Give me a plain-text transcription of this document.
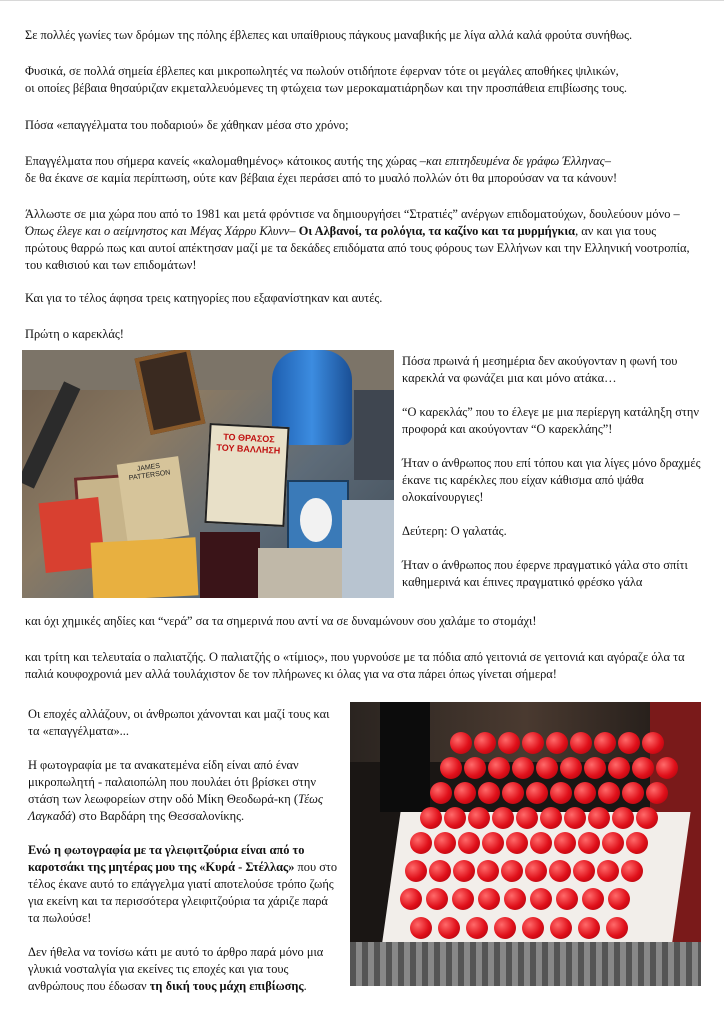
Σε πολλές γωνίες των δρόμων της πόλης έβλεπες και υπαίθριους πάγκους μαναβικής με λίγα αλλά καλά φρούτα συνήθως.

Φυσικά, σε πολλά σημεία έβλεπες και μικροπωλητές να πωλούν οτιδήποτε έφερναν τότε οι μεγάλες αποθήκες ψιλικών,
οι οποίες βέβαια θησαύριζαν εκμεταλλευόμενες τη φτώχεια των μεροκαματιάρηδων και την προσπάθεια επιβίωσης τους.

Πόσα «επαγγέλματα του ποδαριού» δε χάθηκαν μέσα στο χρόνο;

Επαγγέλματα που σήμερα κανείς «καλομαθημένος» κάτοικος αυτής της χώρας –και επιτηδευμένα δε γράφω Έλληνας–
δε θα έκανε σε καμία περίπτωση, ούτε καν βέβαια έχει περάσει από το μυαλό πολλών ότι θα μπορούσαν να τα κάνουν!

Άλλωστε σε μια χώρα που από το 1981 και μετά φρόντισε να δημιουργήσει “Στρατιές” ανέργων επιδοματούχων, δουλεύουν μόνο –Όπως έλεγε και ο αείμνηστος και Μέγας Χάρρυ Κλυνν– Οι Αλβανοί, τα ρολόγια, τα καζίνο και τα μυρμήγκια, αν και για τους πρώτους θαρρώ πως και αυτοί απέκτησαν μαζί με τα δεκάδες επιδόματα από τους φόρους των Ελλήνων και την Ελληνική νοοτροπία, του καθισιού και των επιδομάτων!

Και για το τέλος άφησα τρεις κατηγορίες που εξαφανίστηκαν και αυτές.

Πρώτη ο καρεκλάς!

JAMES PATTERSON
ΤΟ ΘΡΑΣΟΣ ΤΟΥ ΒΑΛΛΗΣΗ

Πόσα πρωινά ή μεσημέρια δεν ακούγονταν η φωνή του καρεκλά να φωνάζει μια και μόνο ατάκα…

“Ο καρεκλάς” που το έλεγε με μια περίεργη κατάληξη στην προφορά και ακούγονταν “Ο καρεκλάης”!

Ήταν ο άνθρωπος που επί τόπου και για λίγες μόνο δραχμές έκανε τις καρέκλες που είχαν κάθισμα από ψάθα ολοκαίνουργιες!

Δεύτερη: Ο γαλατάς.

Ήταν ο άνθρωπος που έφερνε πραγματικό γάλα στο σπίτι καθημερινά και έπινες πραγματικό φρέσκο γάλα

και όχι χημικές αηδίες και “νερά” σα τα σημερινά που αντί να σε δυναμώνουν σου χαλάμε το στομάχι!

και τρίτη και τελευταία ο παλιατζής. Ο παλιατζής ο «τίμιος», που γυρνούσε με τα πόδια από γειτονιά σε γειτονιά και αγόραζε όλα τα παλιά κουφοχρονιά μεν αλλά τουλάχιστον δε τον πλήρωνες κι όλας για να στα πάρει όπως γίνεται σήμερα!

Οι εποχές αλλάζουν, οι άνθρωποι χάνονται και μαζί τους και τα «επαγγέλματα»...

Η φωτογραφία με τα ανακατεμένα είδη είναι από έναν μικροπωλητή - παλαιοπώλη που πουλάει ότι βρίσκει στην στάση των λεωφορείων στην οδό Μίκη Θεοδωρά-κη (Τέως Λαγκαδά) στο Βαρδάρη της Θεσσαλονίκης.

Ενώ η φωτογραφία με τα γλειφιτζούρια είναι από το καροτσάκι της μητέρας μου της «Κυρά - Στέλλας» που στο τέλος έκανε αυτό το επάγγελμα γιατί αποτελούσε τρόπο ζωής για εκείνη και τα περισσότερα γλειφιτζούρια τα χάριζε παρά τα πωλούσε!

Δεν ήθελα να τονίσω κάτι με αυτό το άρθρο παρά μόνο μια γλυκιά νοσταλγία για εκείνες τις εποχές και για τους ανθρώπους που έδωσαν τη δική τους μάχη επιβίωσης.
